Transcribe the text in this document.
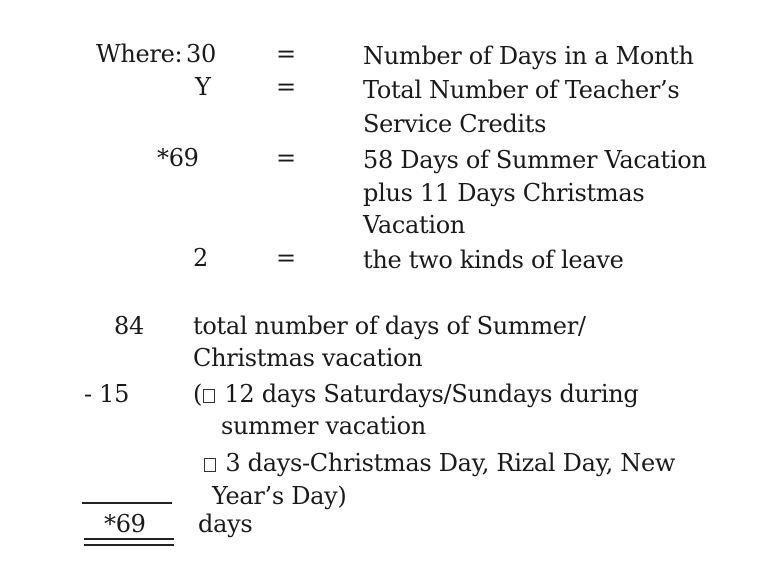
Where: 30	=	Number of Days in a Month
Y	=	Total Number of Teacher’s
Service Credits
*69	=	58 Days of Summer Vacation
plus 11 Days Christmas
Vacation
2	=	the two kinds of leave
84 total number of days of Summer/
Christmas vacation
- 15	( 12 days Saturdays/Sundays during
summer vacation
3 days-Christmas Day, Rizal Day, New
Year’s Day)
*69 days
